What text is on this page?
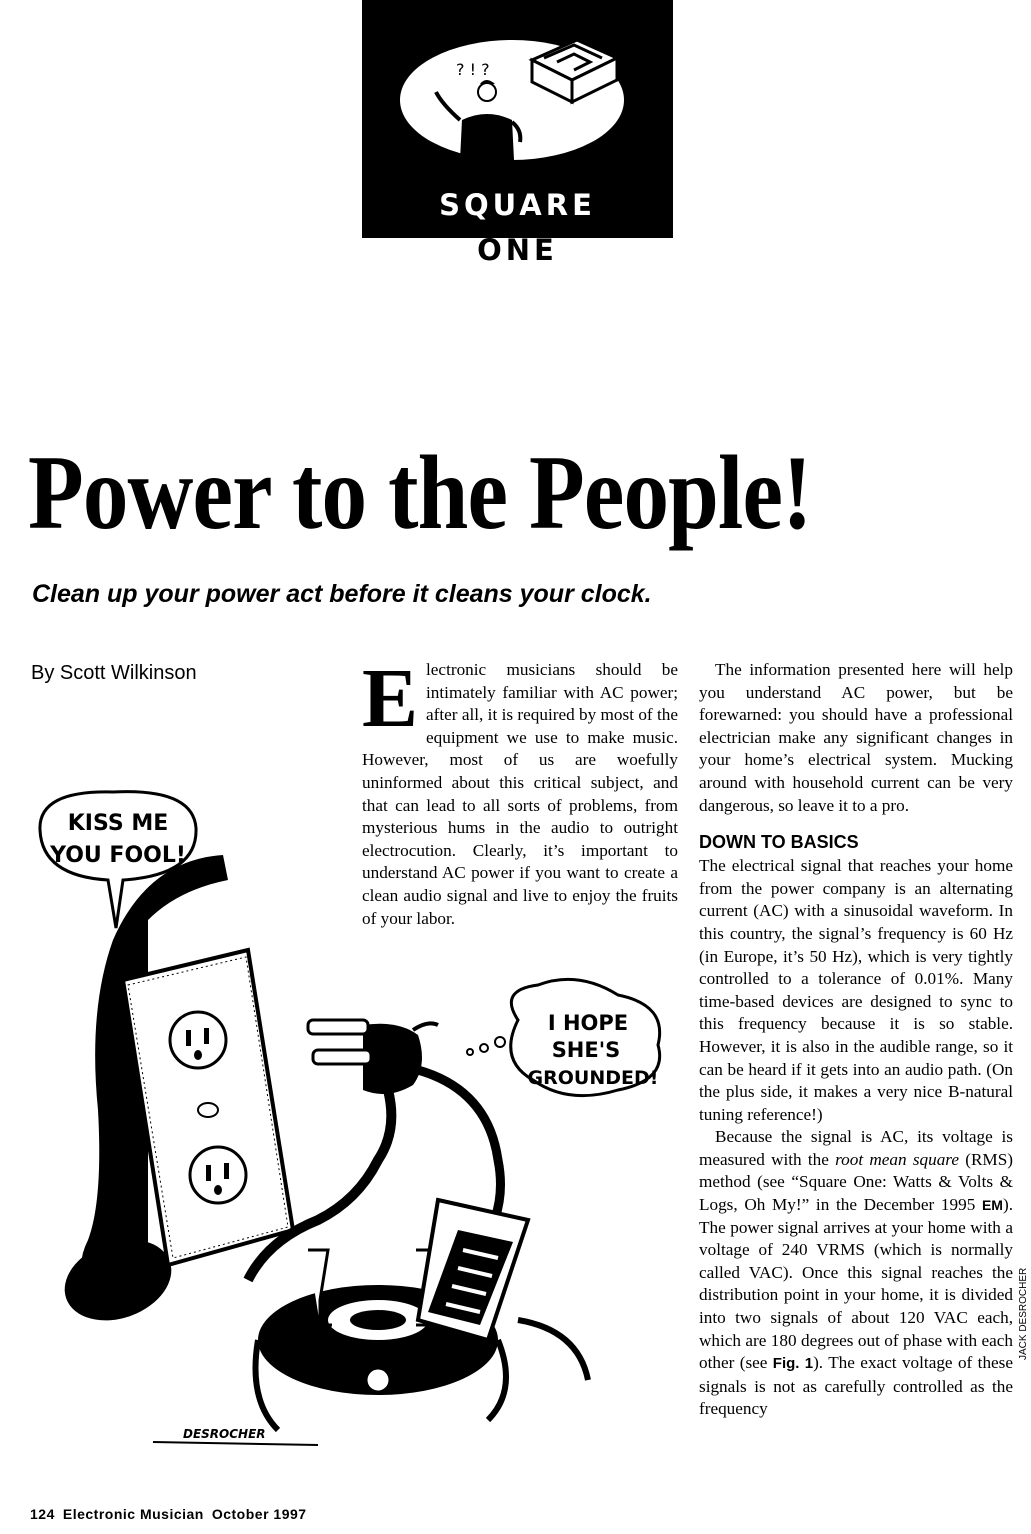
? ! ?
SQUARE
ONE
Power to the People!
Clean up your power act before it cleans your clock.
By Scott Wilkinson Electronic musicians should be intimately familiar with AC power; after all, it is required by most of the equipment we use to make music. However, most of us are woefully uninformed about this critical subject, and that can lead to all sorts of problems, from mysterious hums in the audio to outright electrocution. Clearly, it’s important to understand AC power if you want to create a clean audio signal and live to enjoy the fruits of your labor.

The information presented here will help you understand AC power, but be forewarned: you should have a professional electrician make any significant changes in your home’s electrical system. Mucking around with household current can be very dangerous, so leave it to a pro.

DOWN TO BASICS

The electrical signal that reaches your home from the power company is an alternating current (AC) with a sinusoidal waveform. In this country, the signal’s frequency is 60 Hz (in Europe, it’s 50 Hz), which is very tightly controlled to a tolerance of 0.01%. Many time-based devices are designed to sync to this frequency because it is so stable. However, it is also in the audible range, so it can be heard if it gets into an audio path. (On the plus side, it makes a very nice B-natural tuning reference!)

Because the signal is AC, its voltage is measured with the root mean square (RMS) method (see “Square One: Watts & Volts & Logs, Oh My!” in the December 1995 EM). The power signal arrives at your home with a voltage of 240 VRMS (which is normally called VAC). Once this signal reaches the distribution point in your home, it is divided into two signals of about 120 VAC each, which are 180 degrees out of phase with each other (see Fig. 1). The exact voltage of these signals is not as carefully controlled as the frequency

KISS ME
YOU FOOL!
I HOPE
SHE'S
GROUNDED!
DESROCHER
JACK DESROCHER
124 Electronic Musician October 1997
